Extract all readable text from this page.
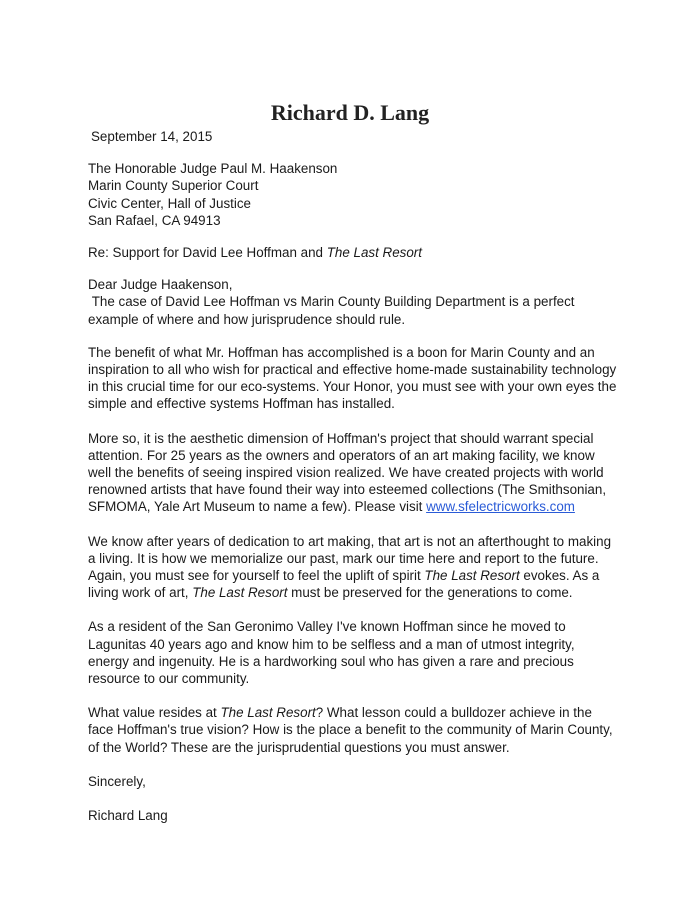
Richard D. Lang

September 14, 2015

The Honorable Judge Paul M. Haakenson
Marin County Superior Court
Civic Center, Hall of Justice
San Rafael, CA 94913

Re: Support for David Lee Hoffman and The Last Resort

Dear Judge Haakenson,

The case of David Lee Hoffman vs Marin County Building Department is a perfect example of where and how jurisprudence should rule.

The benefit of what Mr. Hoffman has accomplished is a boon for Marin County and an inspiration to all who wish for practical and effective home-made sustainability technology in this crucial time for our eco-systems. Your Honor, you must see with your own eyes the simple and effective systems Hoffman has installed.

More so, it is the aesthetic dimension of Hoffman's project that should warrant special attention. For 25 years as the owners and operators of an art making facility, we know well the benefits of seeing inspired vision realized. We have created projects with world renowned artists that have found their way into esteemed collections (The Smithsonian, SFMOMA, Yale Art Museum to name a few). Please visit www.sfelectricworks.com

We know after years of dedication to art making, that art is not an afterthought to making a living. It is how we memorialize our past, mark our time here and report to the future. Again, you must see for yourself to feel the uplift of spirit The Last Resort evokes. As a living work of art, The Last Resort must be preserved for the generations to come.

As a resident of the San Geronimo Valley I've known Hoffman since he moved to Lagunitas 40 years ago and know him to be selfless and a man of utmost integrity, energy and ingenuity. He is a hardworking soul who has given a rare and precious resource to our community.

What value resides at The Last Resort? What lesson could a bulldozer achieve in the face Hoffman's true vision? How is the place a benefit to the community of Marin County, of the World? These are the jurisprudential questions you must answer.

Sincerely,

Richard Lang
